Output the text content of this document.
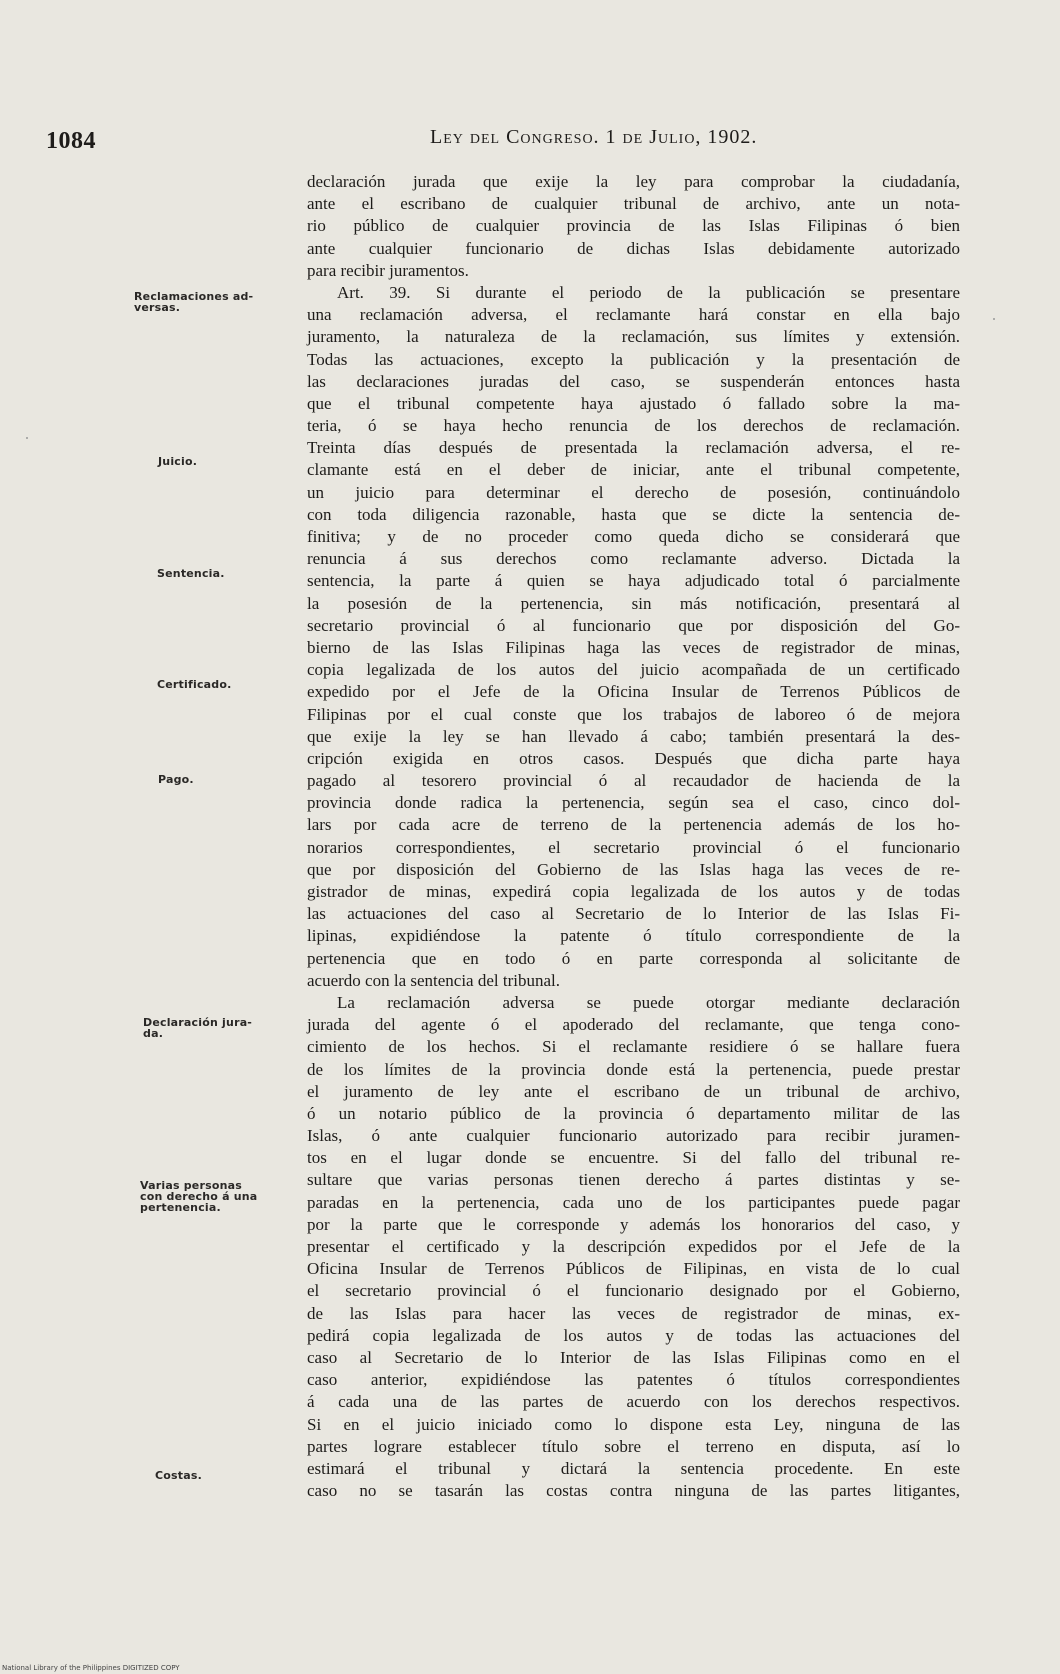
1084	Ley del Congreso. 1 de Julio, 1902.
declaración jurada que exije la ley para comprobar la ciudadanía,
ante el escribano de cualquier tribunal de archivo, ante un nota-
rio público de cualquier provincia de las Islas Filipinas ó bien
ante cualquier funcionario de dichas Islas debidamente autorizado
para recibir juramentos.
Art. 39. Si durante el periodo de la publicación se presentare
una reclamación adversa, el reclamante hará constar en ella bajo
juramento, la naturaleza de la reclamación, sus límites y extensión.
Todas las actuaciones, excepto la publicación y la presentación de
las declaraciones juradas del caso, se suspenderán entonces hasta
que el tribunal competente haya ajustado ó fallado sobre la ma-
teria, ó se haya hecho renuncia de los derechos de reclamación.
Treinta días después de presentada la reclamación adversa, el re-
clamante está en el deber de iniciar, ante el tribunal competente,
un juicio para determinar el derecho de posesión, continuándolo
con toda diligencia razonable, hasta que se dicte la sentencia de-
finitiva; y de no proceder como queda dicho se considerará que
renuncia á sus derechos como reclamante adverso. Dictada la
sentencia, la parte á quien se haya adjudicado total ó parcialmente
la posesión de la pertenencia, sin más notificación, presentará al
secretario provincial ó al funcionario que por disposición del Go-
bierno de las Islas Filipinas haga las veces de registrador de minas,
copia legalizada de los autos del juicio acompañada de un certificado
expedido por el Jefe de la Oficina Insular de Terrenos Públicos de
Filipinas por el cual conste que los trabajos de laboreo ó de mejora
que exije la ley se han llevado á cabo; también presentará la des-
cripción exigida en otros casos. Después que dicha parte haya
pagado al tesorero provincial ó al recaudador de hacienda de la
provincia donde radica la pertenencia, según sea el caso, cinco dol-
lars por cada acre de terreno de la pertenencia además de los ho-
norarios correspondientes, el secretario provincial ó el funcionario
que por disposición del Gobierno de las Islas haga las veces de re-
gistrador de minas, expedirá copia legalizada de los autos y de todas
las actuaciones del caso al Secretario de lo Interior de las Islas Fi-
lipinas, expidiéndose la patente ó título correspondiente de la
pertenencia que en todo ó en parte corresponda al solicitante de
acuerdo con la sentencia del tribunal.
La reclamación adversa se puede otorgar mediante declaración
jurada del agente ó el apoderado del reclamante, que tenga cono-
cimiento de los hechos. Si el reclamante residiere ó se hallare fuera
de los límites de la provincia donde está la pertenencia, puede prestar
el juramento de ley ante el escribano de un tribunal de archivo,
ó un notario público de la provincia ó departamento militar de las
Islas, ó ante cualquier funcionario autorizado para recibir juramen-
tos en el lugar donde se encuentre. Si del fallo del tribunal re-
sultare que varias personas tienen derecho á partes distintas y se-
paradas en la pertenencia, cada uno de los participantes puede pagar
por la parte que le corresponde y además los honorarios del caso, y
presentar el certificado y la descripción expedidos por el Jefe de la
Oficina Insular de Terrenos Públicos de Filipinas, en vista de lo cual
el secretario provincial ó el funcionario designado por el Gobierno,
de las Islas para hacer las veces de registrador de minas, ex-
pedirá copia legalizada de los autos y de todas las actuaciones del
caso al Secretario de lo Interior de las Islas Filipinas como en el
caso anterior, expidiéndose las patentes ó títulos correspondientes
á cada una de las partes de acuerdo con los derechos respectivos.
Si en el juicio iniciado como lo dispone esta Ley, ninguna de las
partes lograre establecer título sobre el terreno en disputa, así lo
estimará el tribunal y dictará la sentencia procedente. En este
caso no se tasarán las costas contra ninguna de las partes litigantes,
Reclamaciones ad-
versas.
Juicio.
Sentencia.
Certificado.
Pago.
Declaración jura-
da.
Varias personas
con derecho á una
pertenencia.
Costas.
National Library of the Philippines DIGITIZED COPY
